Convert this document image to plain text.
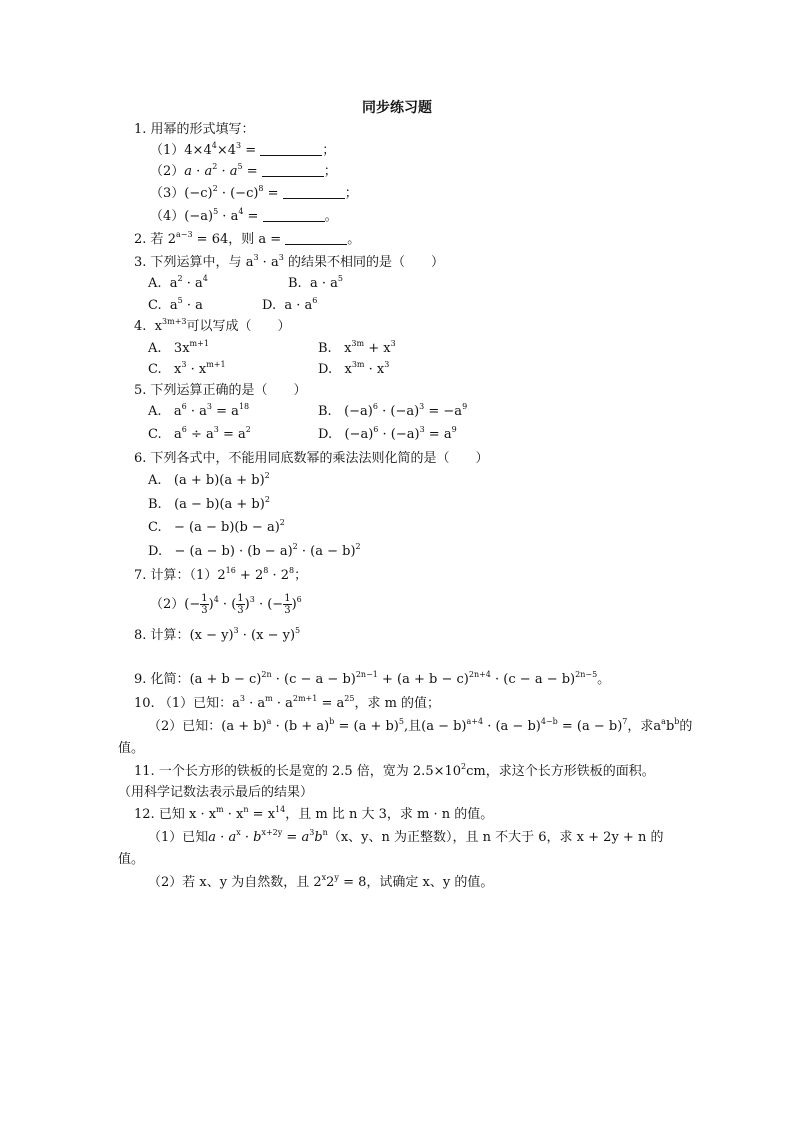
同步练习题
1. 用幂的形式填写：
$(1)4\times 4^4\times 4^3$ =	；
$(2)a \cdot a^2 \cdot a^5$ =	；
$(3)(-c)^2 \cdot (-c)^8$ =	；
$(4)(-a)^5 \cdot a^4$ =	。
2. 若 $2^{a-3} = 64$，则 a =	。
3. 下列运算中，与 $a^3 \cdot a^3$ 的结果不相同的是（　　）
A.  $a^2 \cdot a^4$	B.  $a \cdot a^5$
C.  $a^5 \cdot a$	D.  $a \cdot a^6$
4.  $x^{3m+3}$可以写成（　　）
A.   $3x^{m+1}$	B.   $x^{3m} + x^3$
C.   $x^3 \cdot x^{m+1}$	D.   $x^{3m} \cdot x^3$
5. 下列运算正确的是（　　）
A.   $a^6 \cdot a^3 = a^{18}$	B.   $(-a)^6 \cdot (-a)^3 = -a^9$
C.   $a^6 \div a^3 = a^2$	D.   $(-a)^6 \cdot (-a)^3 = a^9$
6. 下列各式中，不能用同底数幂的乘法法则化简的是（　　）
A.   $(a + b)(a + b)^2$
B.   $(a - b)(a + b)^2$
C.   − $(a - b)(b - a)^2$
D.   − $(a - b) \cdot (b - a)^2 \cdot (a - b)^2$
7. 计算：$(1)2^{16} + 2^8 \cdot 2^8$；
$(2)(- \frac{1}{3} )^4$ · ( $\frac{1}{3} )^3$ · (− $\frac{1}{3} )^6$
8. 计算：$(x - y)^3 \cdot (x - y)^5$
9. 化简：$(a + b - c)^{2n} \cdot (c - a - b)^{2n-1} + (a + b - c)^{2n+4} \cdot (c - a - b)^{2n-5}$。
10. （1）已知：$a^3 \cdot a^m \cdot a^{2m+1} = a^{25}$，求 m 的值；
（2）已知：$(a + b)^a \cdot (b + a)^b = (a + b)^5$,且$(a - b)^{a+4} \cdot (a - b)^{4-b} = (a - b)^7$，求$a^ab^b$的
值。
11. 一个长方形的铁板的长是宽的 2.5 倍，宽为 $2.5\times 10^2cm$，求这个长方形铁板的面积。
（用科学记数法表示最后的结果）
12. 已知 $x \cdot x^m \cdot x^n = x^{14}$，且 m 比 n 大 3，求 m · n 的值。
（1）已知$a \cdot a^x \cdot b^{x+2y} = a^3b^n(x$、y、n 为正整数），且 n 不大于 6，求 x + 2y + n 的
值。
（2）若 x、y 为自然数，且 $2^x2^y = 8$，试确定 x、y 的值。
